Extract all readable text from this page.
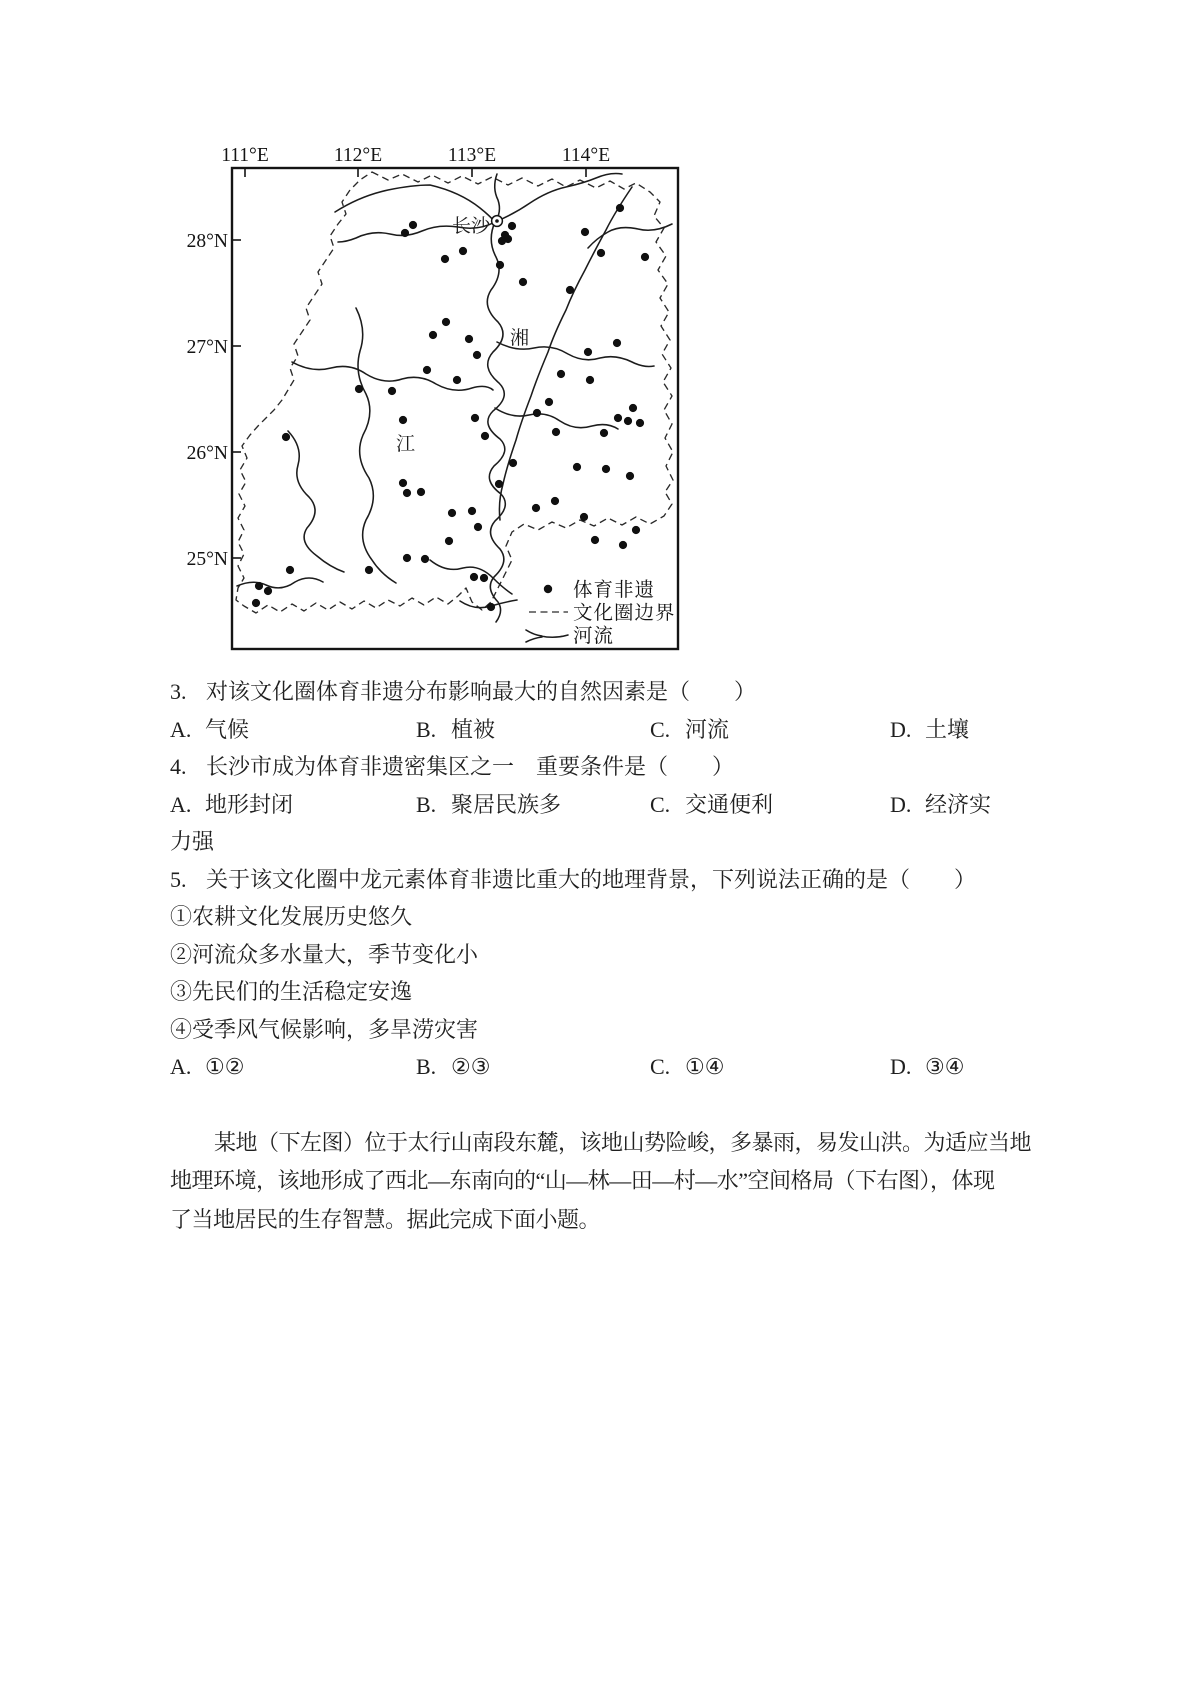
111°E	112°E	113°E	114°E
28°N
27°N
26°N
25°N
长沙
湘
江
体育非遗
文化圈边界
河流
3. 对该文化圈体育非遗分布影响最大的自然因素是（　　）
A. 气候	B. 植被	C. 河流	D. 土壤
4. 长沙市成为体育非遗密集区之一　重要条件是（　　）
A. 地形封闭	B. 聚居民族多	C. 交通便利	D. 经济实
力强
5. 关于该文化圈中龙元素体育非遗比重大的地理背景，下列说法正确的是（　　）
①农耕文化发展历史悠久
②河流众多水量大，季节变化小
③先民们的生活稳定安逸
④受季风气候影响，多旱涝灾害
A. ①②	B. ②③	C. ①④	D. ③④
某地（下左图）位于太行山南段东麓，该地山势险峻，多暴雨，易发山洪。为适应当地
地理环境，该地形成了西北—东南向的“山—林—田—村—水”空间格局（下右图），体现
了当地居民的生存智慧。据此完成下面小题。
